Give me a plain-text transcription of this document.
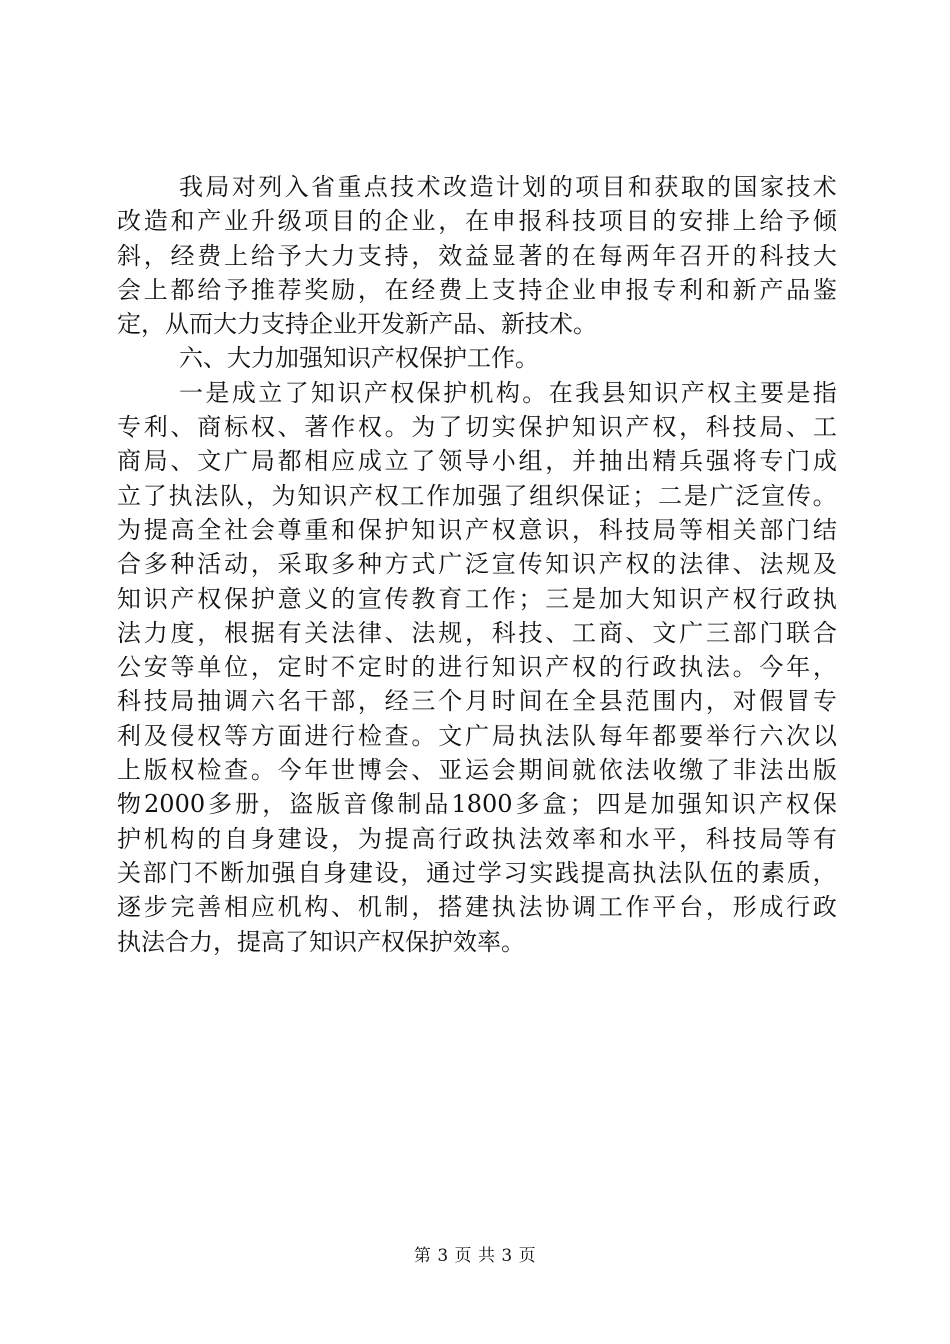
我 局 对 列 入 省 重 点 技 术 改 造 计 划 的 项 目 和 获 取 的 国 家 技 术
改 造 和 产 业 升 级 项 目 的 企 业 ， 在 申 报 科 技 项 目 的 安 排 上 给 予 倾
斜 ， 经 费 上 给 予 大 力 支 持 ， 效 益 显 著 的 在 每 两 年 召 开 的 科 技 大
会 上 都 给 予 推 荐 奖 励 ， 在 经 费 上 支 持 企 业 申 报 专 利 和 新 产 品 鉴
定，从而大力支持企业开发新产品、新技术。
六、大力加强知识产权保护工作。
一 是 成 立 了 知 识 产 权 保 护 机 构 。 在 我 县 知 识 产 权 主 要 是 指
专 利 、 商 标 权 、 著 作 权 。 为 了 切 实 保 护 知 识 产 权 ， 科 技 局 、 工
商 局 、 文 广 局 都 相 应 成 立 了 领 导 小 组 ， 并 抽 出 精 兵 强 将 专 门 成
立 了 执 法 队 ， 为 知 识 产 权 工 作 加 强 了 组 织 保 证 ； 二 是 广 泛 宣 传 。
为 提 高 全 社 会 尊 重 和 保 护 知 识 产 权 意 识 ， 科 技 局 等 相 关 部 门 结
合 多 种 活 动 ， 采 取 多 种 方 式 广 泛 宣 传 知 识 产 权 的 法 律 、 法 规 及
知 识 产 权 保 护 意 义 的 宣 传 教 育 工 作 ； 三 是 加 大 知 识 产 权 行 政 执
法 力 度 ， 根 据 有 关 法 律 、 法 规 ， 科 技 、 工 商 、 文 广 三 部 门 联 合
公 安 等 单 位 ， 定 时 不 定 时 的 进 行 知 识 产 权 的 行 政 执 法 。 今 年 ，
科 技 局 抽 调 六 名 干 部 ， 经 三 个 月 时 间 在 全 县 范 围 内 ， 对 假 冒 专
利 及 侵 权 等 方 面 进 行 检 查 。 文 广 局 执 法 队 每 年 都 要 举 行 六 次 以
上 版 权 检 查 。 今 年 世 博 会 、 亚 运 会 期 间 就 依 法 收 缴 了 非 法 出 版
物 2000 多 册 ， 盗 版 音 像 制 品 1800 多 盒 ； 四 是 加 强 知 识 产 权 保
护 机 构 的 自 身 建 设 ， 为 提 高 行 政 执 法 效 率 和 水 平 ， 科 技 局 等 有
关 部 门 不 断 加 强 自 身 建 设 ， 通 过 学 习 实 践 提 高 执 法 队 伍 的 素 质 ，
逐 步 完 善 相 应 机 构 、 机 制 ， 搭 建 执 法 协 调 工 作 平 台 ， 形 成 行 政
执法合力，提高了知识产权保护效率。
第 3 页 共 3 页
